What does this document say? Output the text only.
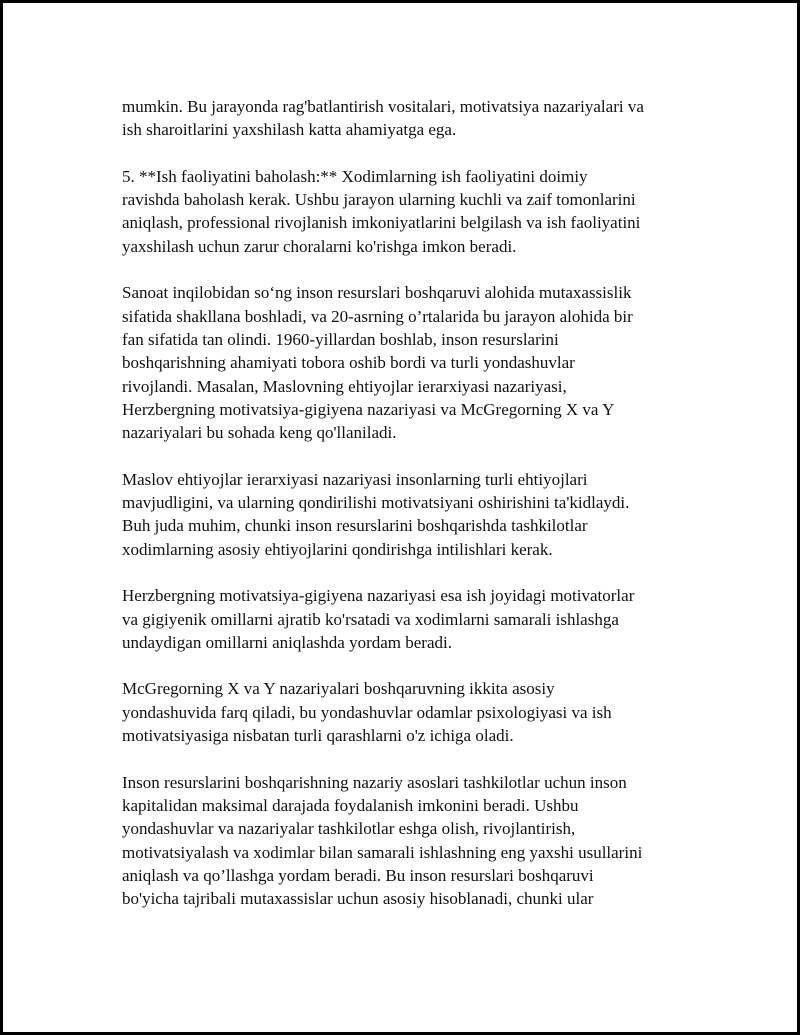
mumkin. Bu jarayonda rag'batlantirish vositalari, motivatsiya nazariyalari va
ish sharoitlarini yaxshilash katta ahamiyatga ega.

5. **Ish faoliyatini baholash:** Xodimlarning ish faoliyatini doimiy
ravishda baholash kerak. Ushbu jarayon ularning kuchli va zaif tomonlarini
aniqlash, professional rivojlanish imkoniyatlarini belgilash va ish faoliyatini
yaxshilash uchun zarur choralarni ko'rishga imkon beradi.

Sanoat inqilobidan so‘ng inson resurslari boshqaruvi alohida mutaxassislik
sifatida shakllana boshladi, va 20-asrning o’rtalarida bu jarayon alohida bir
fan sifatida tan olindi. 1960-yillardan boshlab, inson resurslarini
boshqarishning ahamiyati tobora oshib bordi va turli yondashuvlar
rivojlandi. Masalan, Maslovning ehtiyojlar ierarxiyasi nazariyasi,
Herzbergning motivatsiya-gigiyena nazariyasi va McGregorning X va Y
nazariyalari bu sohada keng qo'llaniladi.

Maslov ehtiyojlar ierarxiyasi nazariyasi insonlarning turli ehtiyojlari
mavjudligini, va ularning qondirilishi motivatsiyani oshirishini ta'kidlaydi.
Buh juda muhim, chunki inson resurslarini boshqarishda tashkilotlar
xodimlarning asosiy ehtiyojlarini qondirishga intilishlari kerak.

Herzbergning motivatsiya-gigiyena nazariyasi esa ish joyidagi motivatorlar
va gigiyenik omillarni ajratib ko'rsatadi va xodimlarni samarali ishlashga
undaydigan omillarni aniqlashda yordam beradi.

McGregorning X va Y nazariyalari boshqaruvning ikkita asosiy
yondashuvida farq qiladi, bu yondashuvlar odamlar psixologiyasi va ish
motivatsiyasiga nisbatan turli qarashlarni o'z ichiga oladi.

Inson resurslarini boshqarishning nazariy asoslari tashkilotlar uchun inson
kapitalidan maksimal darajada foydalanish imkonini beradi. Ushbu
yondashuvlar va nazariyalar tashkilotlar eshga olish, rivojlantirish,
motivatsiyalash va xodimlar bilan samarali ishlashning eng yaxshi usullarini
aniqlash va qo’llashga yordam beradi. Bu inson resurslari boshqaruvi
bo'yicha tajribali mutaxassislar uchun asosiy hisoblanadi, chunki ular
